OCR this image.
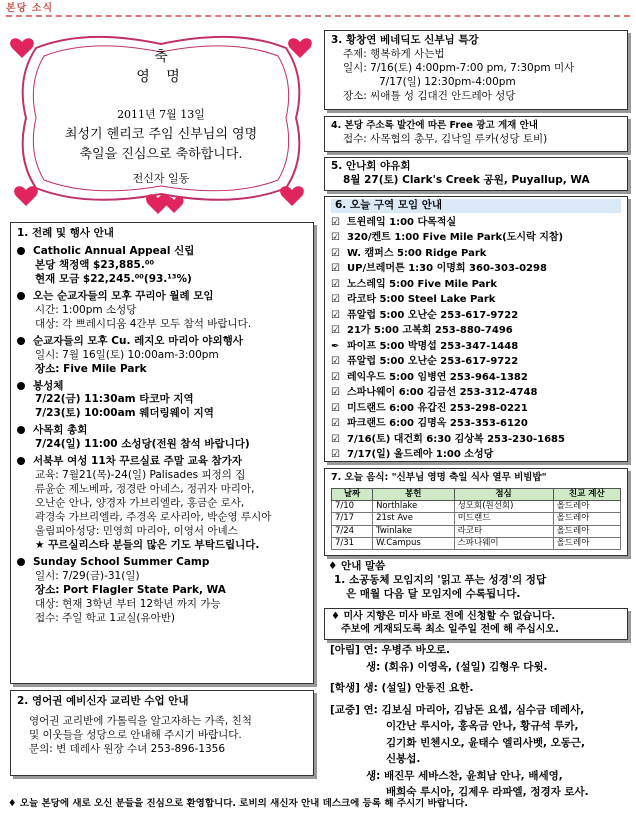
본당 소식
축
영 명
2011년 7월 13일
최성기 헨리코 주임 신부님의 영명
축일을 진심으로 축하합니다.
전신자 일동
1. 전례 및 행사 안내
Catholic Annual Appeal 신립
본당 책정액 $23,885.⁰⁰
현재 모금 $22,245.⁰⁰(93.¹³%)
오는 순교자들의 모후 꾸리아 월례 모임
시간: 1:00pm 소성당
대상: 각 쁘레시디움 4간부 모두 참석 바랍니다.
순교자들의 모후 Cu. 레지오 마리아 야외행사
일시: 7월 16일(토) 10:00am-3:00pm
장소: Five Mile Park
봉성체
7/22(금) 11:30am 타코마 지역
7/23(토) 10:00am 웨더링웨이 지역
사목회 총회
7/24(일) 11:00 소성당(전원 참석 바랍니다)
서북부 여성 11차 꾸르실료 주말 교육 참가자
교육: 7월21(목)-24(일) Palisades 피정의 집
류윤순 제노베파, 정경란 아네스, 정귀자 마리아,
오난순 안나, 양경자 가브리엘라, 홍금순 로사,
곽경숙 가브리엘라, 주경옥 로사리아, 박순영 루시아
울림피아성당: 민영희 마리아, 이영서 아녜스
★ 꾸르실리스타 분들의 많은 기도 부탁드립니다.
Sunday School Summer Camp
일시: 7/29(금)-31(일)
장소: Port Flagler State Park, WA
대상: 현재 3학년 부터 12학년 까지 가능
접수: 주일 학교 1교실(유아반)
2. 영어권 예비신자 교리반 수업 안내
영어권 교리반에 가톨릭을 알고자하는 가족, 친척
및 이웃들을 성당으로 안내해 주시기 바랍니다.
문의: 변 데레사 원장 수녀 253-896-1356
3. 황창연 베네딕도 신부님 특강
주제: 행복하게 사는법
일시: 7/16(토) 4:00pm-7:00 pm, 7:30pm 미사
7/17(일) 12:30pm-4:00pm
장소: 씨애틀 성 김대건 안드레아 성당
4. 본당 주소록 발간에 따른 Free 광고 게재 안내
접수: 사목협의 총무, 김낙일 루카(성당 토비)
5. 안나회 야유회
8월 27(토) Clark's Creek 공원, Puyallup, WA
6. 오늘 구역 모임 안내
☑ 트윈레잌 1:00 다목적실
☑ 320/켄트 1:00 Five Mile Park(도시락 지참)
☑ W. 캠퍼스 5:00 Ridge Park
☑ UP/브레머튼 1:30 이명희 360-303-0298
☑ 노스레잌 5:00 Five Mile Park
☑ 라코타 5:00 Steel Lake Park
☑ 퓨알럽 5:00 오난순 253-617-9722
☑ 21가 5:00 고복희 253-880-7496
✒ 파이프 5:00 박명섭 253-347-1448
☑ 퓨알럽 5:00 오난순 253-617-9722
☑ 레익우드 5:00 임병연 253-964-1382
☑ 스파나웨이 6:00 김금선 253-312-4748
☑ 미드랜드 6:00 유갑진 253-298-0221
☑ 파크랜드 6:00 김명옥 253-353-6120
☑ 7/16(토) 대건회 6:30 김상복 253-230-1685
☑ 7/17(일) 올드레아 1:00 소성당
7. 오늘 음식: "신부님 영명 축일 식사 열무 비빔밥"
날짜	봉헌	점심	친교 계산
7/10	Northlake	성모회(원선회)	올드레아
7/17	21st Ave	미드랜드	올드레아
7/24	Twinlake	라코타	올드레아
7/31	W.Campus	스파나웨이	올드레아
♦ 안내 말씀
1. 소공동체 모임지의 '읽고 푸는 성경'의 정답
은 매월 다음 달 모임지에 수록됩니다.
♦ 미사 지향은 미사 바로 전에 신청할 수 없습니다.
주보에 게재되도록 최소 일주일 전에 해 주십시오.
[아림] 연: 우병주 바오로.
생: (회유) 이영옥, (설일) 김형우 다윗.
[학생] 생: (설일) 안동진 요한.
[교중] 연: 김보심 마리아, 김남돈 요셉, 심수금 데레사,
이간난 루시아, 홍옥금 안나, 황규석 루카,
김기화 빈첸시오, 윤태수 엘리사벳, 오동근,
신봉섭.
생: 배진무 세바스찬, 윤희남 안나, 배세영,
배희숙 루시아, 김제우 라파엘, 정경자 로사.
♦ 오늘 본당에 새로 오신 분들을 진심으로 환영합니다. 로비의 새신자 안내 데스크에 등록 해 주시기 바랍니다.
